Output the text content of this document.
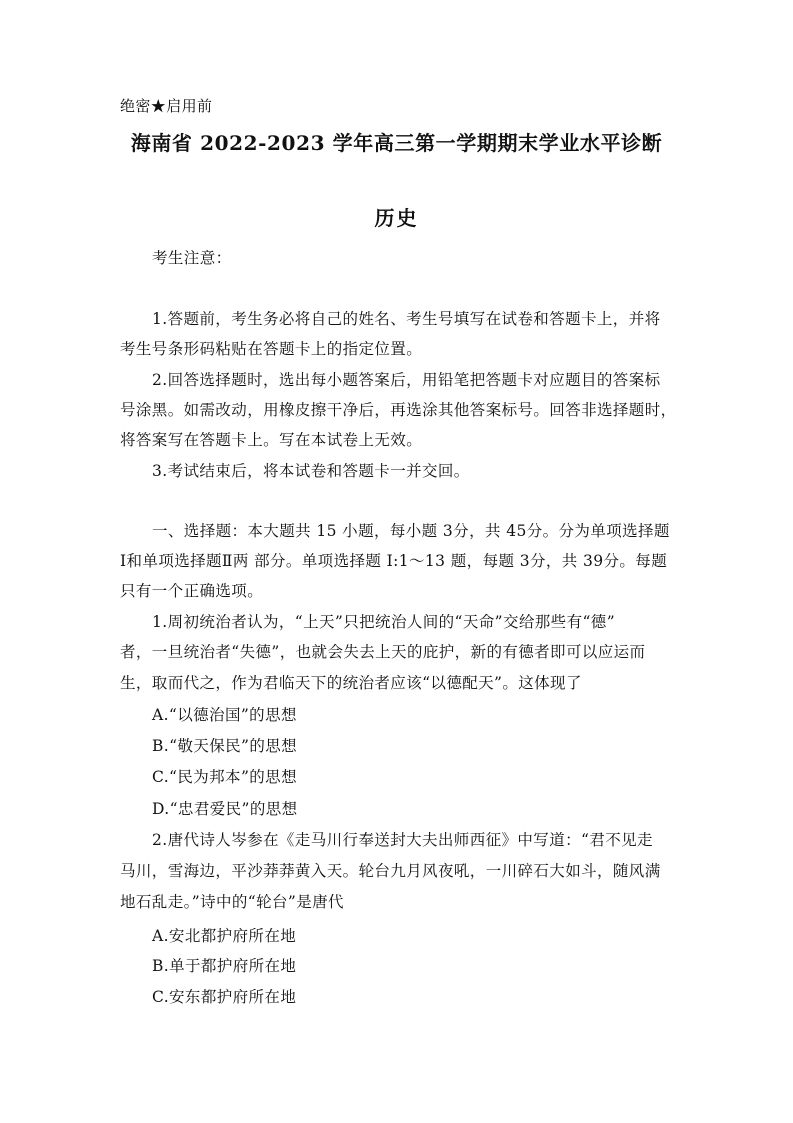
绝密★启用前
海南省 2022-2023 学年高三第一学期期末学业水平诊断
历史
考生注意：
1.答题前，考生务必将自己的姓名、考生号填写在试卷和答题卡上，并将
考生号条形码粘贴在答题卡上的指定位置。
2.回答选择题时，选出每小题答案后，用铅笔把答题卡对应题目的答案标
号涂黑。如需改动，用橡皮擦干净后，再选涂其他答案标号。回答非选择题时，
将答案写在答题卡上。写在本试卷上无效。
3.考试结束后，将本试卷和答题卡一并交回。
一、选择题：本大题共 15 小题，每小题 3分，共 45分。分为单项选择题
I和单项选择题Ⅱ两 部分。单项选择题 I:1～13 题，每题 3分，共 39分。每题
只有一个正确选项。
1.周初统治者认为，“上天”只把统治人间的“天命”交给那些有“德”
者，一旦统治者“失德”，也就会失去上天的庇护，新的有德者即可以应运而
生，取而代之，作为君临天下的统治者应该“以德配天”。这体现了
A.“以德治国”的思想
B.“敬天保民”的思想
C.“民为邦本”的思想
D.“忠君爱民”的思想
2.唐代诗人岑参在《走马川行奉送封大夫出师西征》中写道：“君不见走
马川，雪海边，平沙莽莽黄入天。轮台九月风夜吼，一川碎石大如斗，随风满
地石乱走。”诗中的“轮台”是唐代
A.安北都护府所在地
B.单于都护府所在地
C.安东都护府所在地
